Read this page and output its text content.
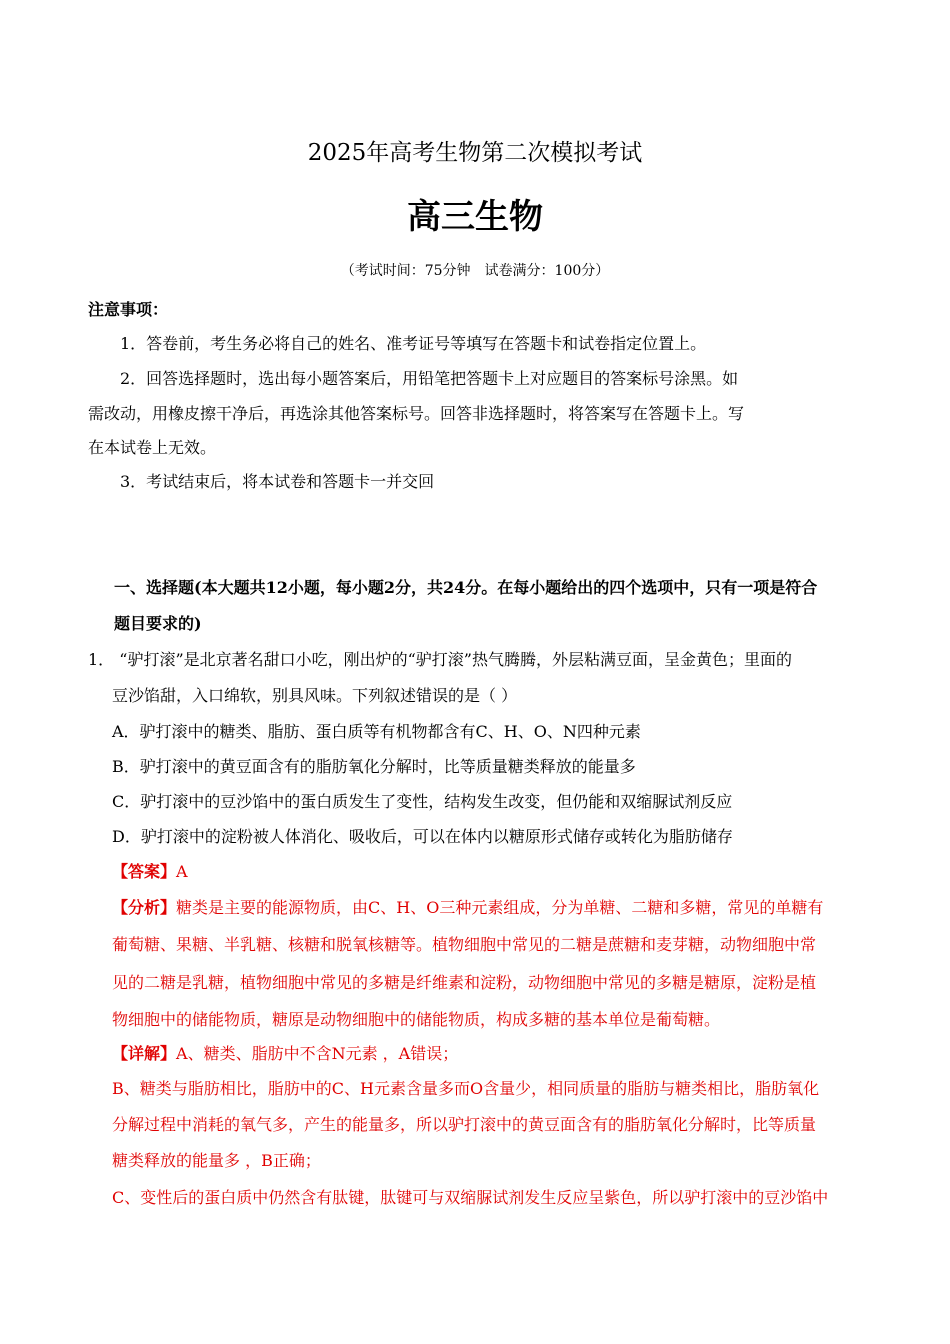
2025年高考生物第二次模拟考试
高三生物
（考试时间：75分钟 试卷满分：100分）
注意事项：
1．答卷前，考生务必将自己的姓名、准考证号等填写在答题卡和试卷指定位置上。
2．回答选择题时，选出每小题答案后，用铅笔把答题卡上对应题目的答案标号涂黑。如
需改动，用橡皮擦干净后，再选涂其他答案标号。回答非选择题时，将答案写在答题卡上。写
在本试卷上无效。
3．考试结束后，将本试卷和答题卡一并交回
一、选择题(本大题共12小题，每小题2分，共24分。在每小题给出的四个选项中，只有一项是符合
题目要求的)
1． “驴打滚”是北京著名甜口小吃，刚出炉的“驴打滚”热气腾腾，外层粘满豆面，呈金黄色；里面的
豆沙馅甜，入口绵软，别具风味。下列叙述错误的是（ ）
A．驴打滚中的糖类、脂肪、蛋白质等有机物都含有C、H、O、N四种元素
B．驴打滚中的黄豆面含有的脂肪氧化分解时，比等质量糖类释放的能量多
C．驴打滚中的豆沙馅中的蛋白质发生了变性，结构发生改变，但仍能和双缩脲试剂反应
D．驴打滚中的淀粉被人体消化、吸收后，可以在体内以糖原形式储存或转化为脂肪储存
【答案】A
【分析】糖类是主要的能源物质，由C、H、O三种元素组成，分为单糖、二糖和多糖，常见的单糖有
葡萄糖、果糖、半乳糖、核糖和脱氧核糖等。植物细胞中常见的二糖是蔗糖和麦芽糖，动物细胞中常
见的二糖是乳糖，植物细胞中常见的多糖是纤维素和淀粉，动物细胞中常见的多糖是糖原，淀粉是植
物细胞中的储能物质，糖原是动物细胞中的储能物质，构成多糖的基本单位是葡萄糖。
【详解】A、糖类、脂肪中不含N元素 ，A错误；
B、糖类与脂肪相比，脂肪中的C、H元素含量多而O含量少，相同质量的脂肪与糖类相比，脂肪氧化
分解过程中消耗的氧气多，产生的能量多，所以驴打滚中的黄豆面含有的脂肪氧化分解时，比等质量
糖类释放的能量多 ，B正确；
C、变性后的蛋白质中仍然含有肽键，肽键可与双缩脲试剂发生反应呈紫色，所以驴打滚中的豆沙馅中
